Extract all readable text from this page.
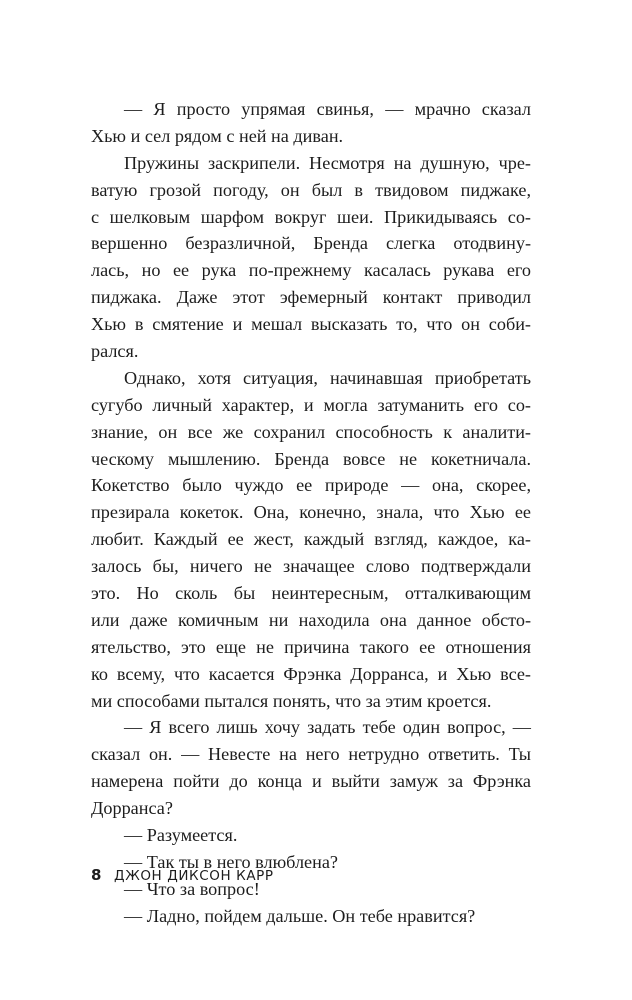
— Я просто упрямая свинья, — мрачно сказал
Хью и сел рядом с ней на диван.
Пружины заскрипели. Несмотря на душную, чре-
ватую грозой погоду, он был в твидовом пиджаке,
с шелковым шарфом вокруг шеи. Прикидываясь со-
вершенно безразличной, Бренда слегка отодвину-
лась, но ее рука по-прежнему касалась рукава его
пиджака. Даже этот эфемерный контакт приводил
Хью в смятение и мешал высказать то, что он соби-
рался.
Однако, хотя ситуация, начинавшая приобретать
сугубо личный характер, и могла затуманить его со-
знание, он все же сохранил способность к аналити-
ческому мышлению. Бренда вовсе не кокетничала.
Кокетство было чуждо ее природе — она, скорее,
презирала кокеток. Она, конечно, знала, что Хью ее
любит. Каждый ее жест, каждый взгляд, каждое, ка-
залось бы, ничего не значащее слово подтверждали
это. Но сколь бы неинтересным, отталкивающим
или даже комичным ни находила она данное обсто-
ятельство, это еще не причина такого ее отношения
ко всему, что касается Фрэнка Дорранса, и Хью все-
ми способами пытался понять, что за этим кроется.
— Я всего лишь хочу задать тебе один вопрос, —
сказал он. — Невесте на него нетрудно ответить. Ты
намерена пойти до конца и выйти замуж за Фрэнка
Дорранса?
— Разумеется.
— Так ты в него влюблена?
— Что за вопрос!
— Ладно, пойдем дальше. Он тебе нравится?
8 ДЖОН ДИКСОН КАРР
